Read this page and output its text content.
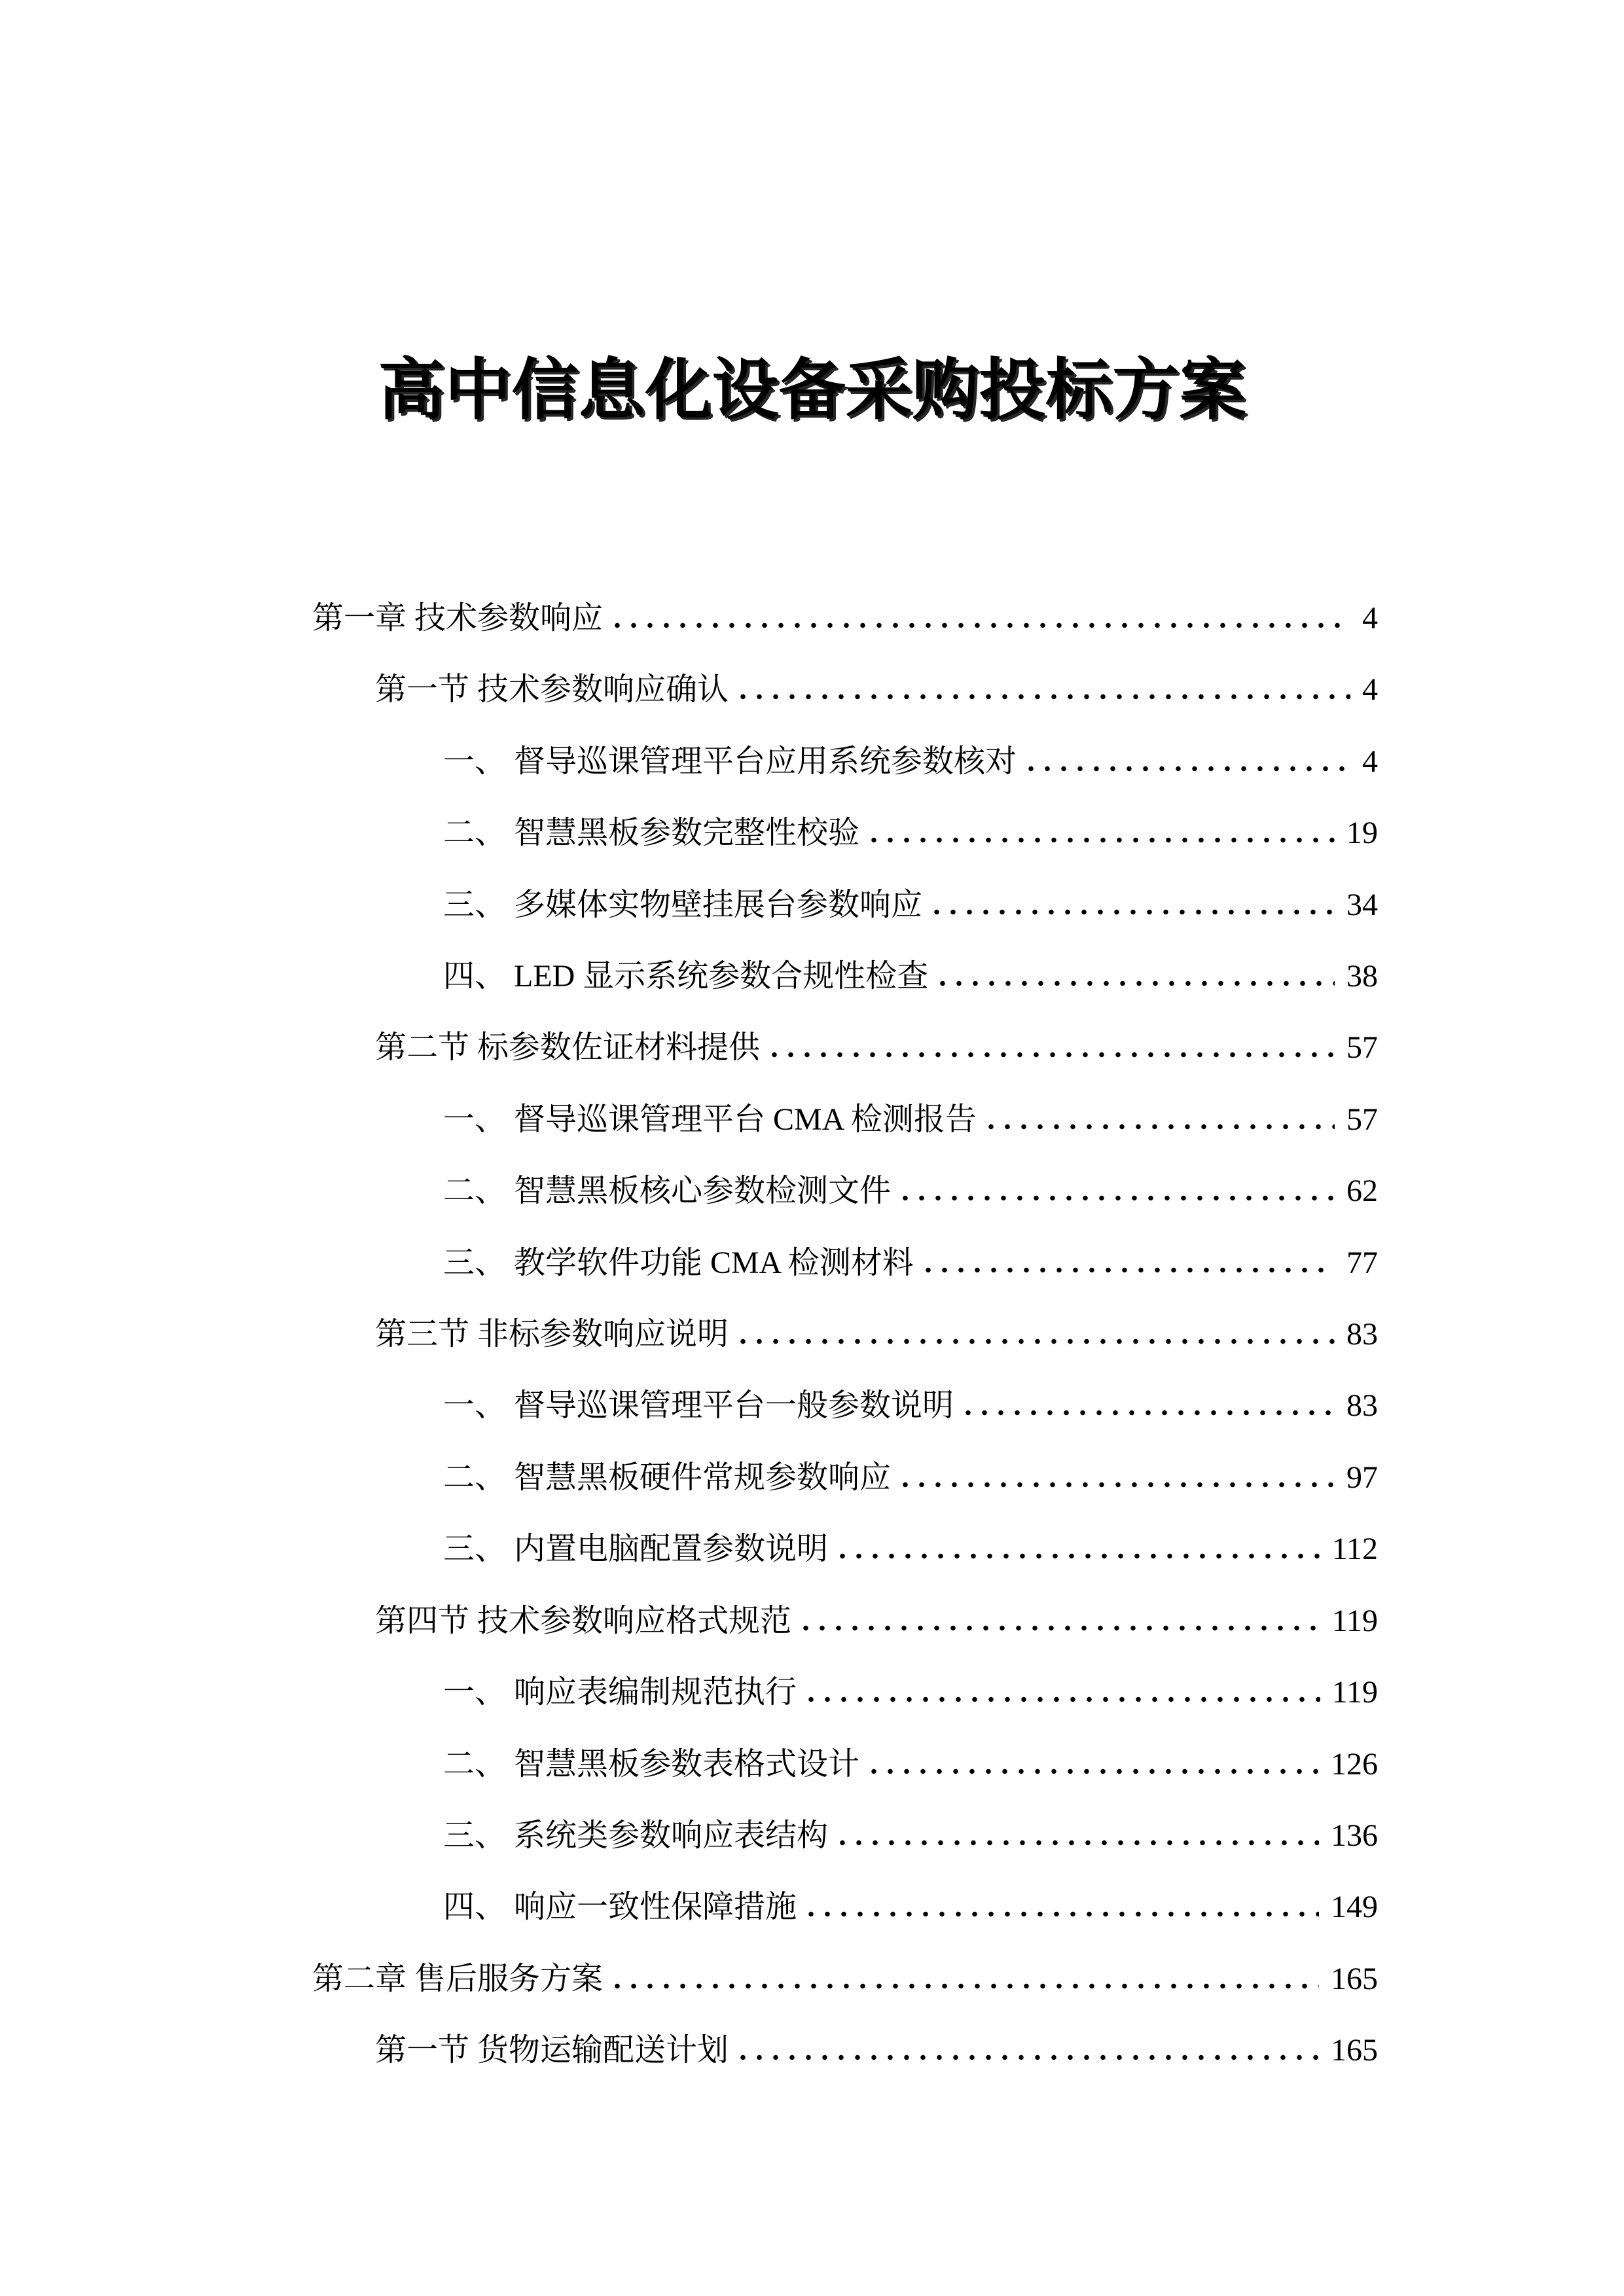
高中信息化设备采购投标方案
第一章 技术参数响应	4
第一节 技术参数响应确认	4
一、 督导巡课管理平台应用系统参数核对	4
二、 智慧黑板参数完整性校验	19
三、 多媒体实物壁挂展台参数响应	34
四、 LED 显示系统参数合规性检查	38
第二节 标参数佐证材料提供	57
一、 督导巡课管理平台 CMA 检测报告	57
二、 智慧黑板核心参数检测文件	62
三、 教学软件功能 CMA 检测材料	77
第三节 非标参数响应说明	83
一、 督导巡课管理平台一般参数说明	83
二、 智慧黑板硬件常规参数响应	97
三、 内置电脑配置参数说明	112
第四节 技术参数响应格式规范	119
一、 响应表编制规范执行	119
二、 智慧黑板参数表格式设计	126
三、 系统类参数响应表结构	136
四、 响应一致性保障措施	149
第二章 售后服务方案	165
第一节 货物运输配送计划	165
